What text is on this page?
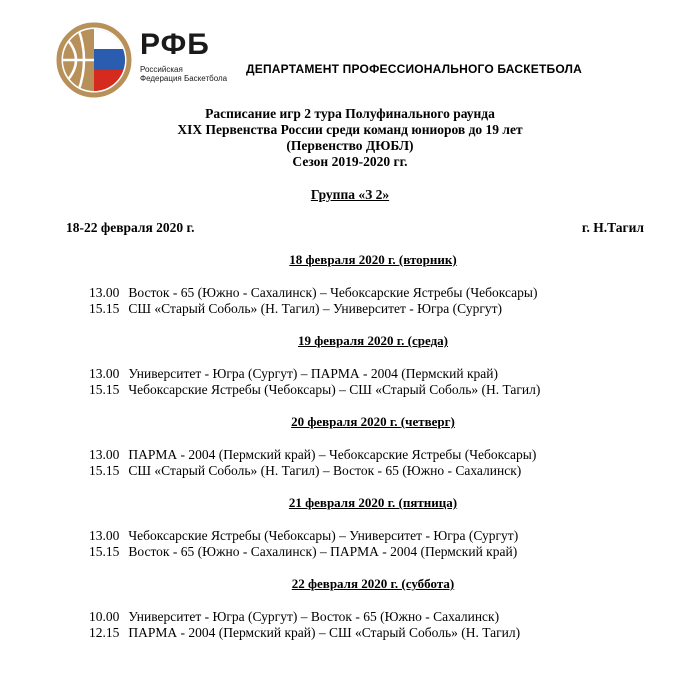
РФБ
Российская
Федерация Баскетбола
ДЕПАРТАМЕНТ ПРОФЕССИОНАЛЬНОГО БАСКЕТБОЛА
Расписание игр 2 тура Полуфинального раунда
XIX Первенства России среди команд юниоров до 19 лет
(Первенство ДЮБЛ)
Сезон 2019-2020 гг.
Группа «З 2»
18-22 февраля 2020 г.	г. Н.Тагил
18 февраля 2020 г. (вторник)
13.00 Восток - 65 (Южно - Сахалинск) – Чебоксарские Ястребы (Чебоксары)
15.15 СШ «Старый Соболь» (Н. Тагил) – Университет - Югра (Сургут)
19 февраля 2020 г. (среда)
13.00 Университет - Югра (Сургут) – ПАРМА - 2004 (Пермский край)
15.15 Чебоксарские Ястребы (Чебоксары) – СШ «Старый Соболь» (Н. Тагил)
20 февраля 2020 г. (четверг)
13.00 ПАРМА - 2004 (Пермский край) – Чебоксарские Ястребы (Чебоксары)
15.15 СШ «Старый Соболь» (Н. Тагил) – Восток - 65 (Южно - Сахалинск)
21 февраля 2020 г. (пятница)
13.00 Чебоксарские Ястребы (Чебоксары) – Университет - Югра (Сургут)
15.15 Восток - 65 (Южно - Сахалинск) – ПАРМА - 2004 (Пермский край)
22 февраля 2020 г. (суббота)
10.00 Университет - Югра (Сургут) – Восток - 65 (Южно - Сахалинск)
12.15 ПАРМА - 2004 (Пермский край) – СШ «Старый Соболь» (Н. Тагил)
